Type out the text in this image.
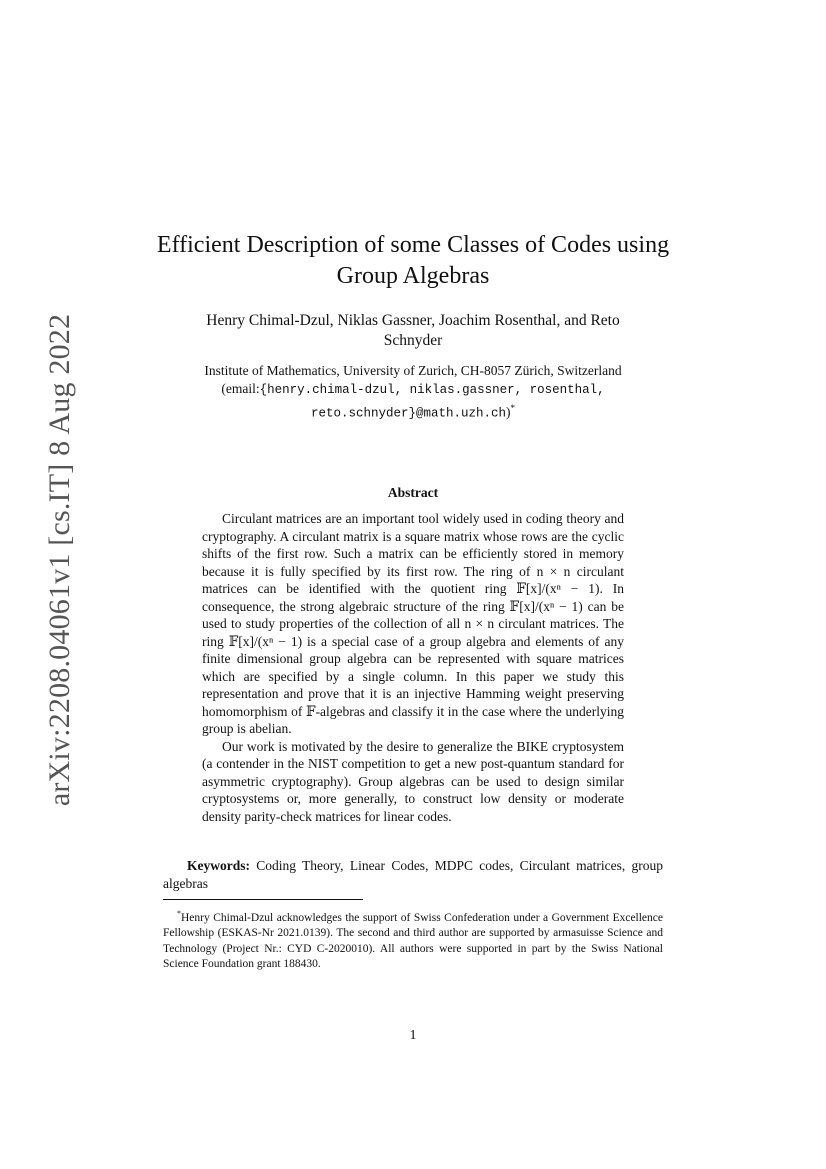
arXiv:2208.04061v1 [cs.IT] 8 Aug 2022
Efficient Description of some Classes of Codes using
Group Algebras
Henry Chimal-Dzul, Niklas Gassner, Joachim Rosenthal, and Reto
Schnyder
Institute of Mathematics, University of Zurich, CH-8057 Zürich, Switzerland
(email:{henry.chimal-dzul, niklas.gassner, rosenthal,
reto.schnyder}@math.uzh.ch)*
Abstract

Circulant matrices are an important tool widely used in coding theory and cryptography. A circulant matrix is a square matrix whose rows are the cyclic shifts of the first row. Such a matrix can be efficiently stored in memory because it is fully specified by its first row. The ring of n × n circulant matrices can be identified with the quotient ring 𝔽[x]/(xⁿ − 1). In consequence, the strong algebraic structure of the ring 𝔽[x]/(xⁿ − 1) can be used to study properties of the collection of all n × n circulant matrices. The ring 𝔽[x]/(xⁿ − 1) is a special case of a group algebra and elements of any finite dimensional group algebra can be represented with square matrices which are specified by a single column. In this paper we study this representation and prove that it is an injective Hamming weight preserving homomorphism of 𝔽-algebras and classify it in the case where the underlying group is abelian.

Our work is motivated by the desire to generalize the BIKE cryptosystem (a contender in the NIST competition to get a new post-quantum standard for asymmetric cryptography). Group algebras can be used to design similar cryptosystems or, more generally, to construct low density or moderate density parity-check matrices for linear codes.

Keywords: Coding Theory, Linear Codes, MDPC codes, Circulant matrices, group algebras
*Henry Chimal-Dzul acknowledges the support of Swiss Confederation under a Government Excellence Fellowship (ESKAS-Nr 2021.0139). The second and third author are supported by armasuisse Science and Technology (Project Nr.: CYD C-2020010). All authors were supported in part by the Swiss National Science Foundation grant 188430.
1
